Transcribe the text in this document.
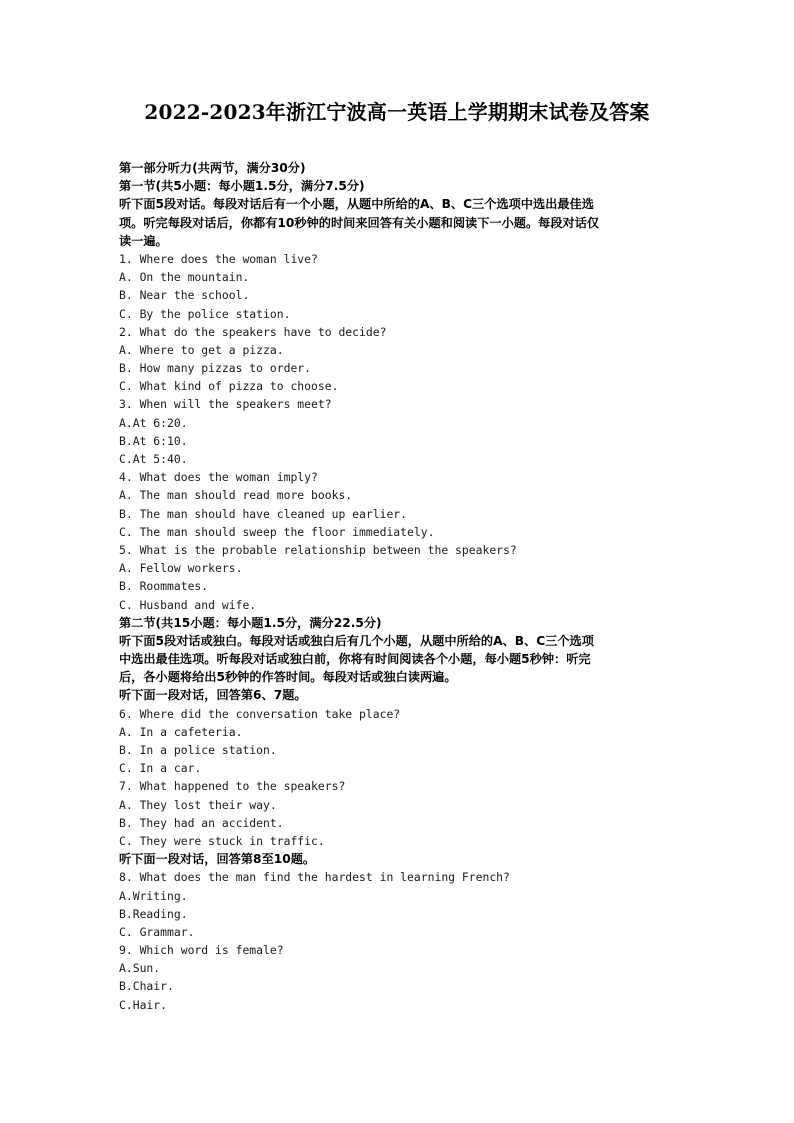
2022-2023年浙江宁波高一英语上学期期末试卷及答案
第一部分听力(共两节，满分30分)
第一节(共5小题：每小题1.5分，满分7.5分)
听下面5段对话。每段对话后有一个小题，从题中所给的A、B、C三个选项中选出最佳选
项。听完每段对话后，你都有10秒钟的时间来回答有关小题和阅读下一小题。每段对话仅
读一遍。
1. Where does the woman live?
A. On the mountain.
B. Near the school.
C. By the police station.
2. What do the speakers have to decide?
A. Where to get a pizza.
B. How many pizzas to order.
C. What kind of pizza to choose.
3. When will the speakers meet?
A.At 6:20.
B.At 6:10.
C.At 5:40.
4. What does the woman imply?
A. The man should read more books.
B. The man should have cleaned up earlier.
C. The man should sweep the floor immediately.
5. What is the probable relationship between the speakers?
A. Fellow workers.
B. Roommates.
C. Husband and wife.
第二节(共15小题：每小题1.5分，满分22.5分)
听下面5段对话或独白。每段对话或独白后有几个小题，从题中所给的A、B、C三个选项
中选出最佳选项。听每段对话或独白前，你将有时间阅读各个小题，每小题5秒钟：听完
后，各小题将给出5秒钟的作答时间。每段对话或独白读两遍。
听下面一段对话，回答第6、7题。
6. Where did the conversation take place?
A. In a cafeteria.
B. In a police station.
C. In a car.
7. What happened to the speakers?
A. They lost their way.
B. They had an accident.
C. They were stuck in traffic.
听下面一段对话，回答第8至10题。
8. What does the man find the hardest in learning French?
A.Writing.
B.Reading.
C. Grammar.
9. Which word is female?
A.Sun.
B.Chair.
C.Hair.
